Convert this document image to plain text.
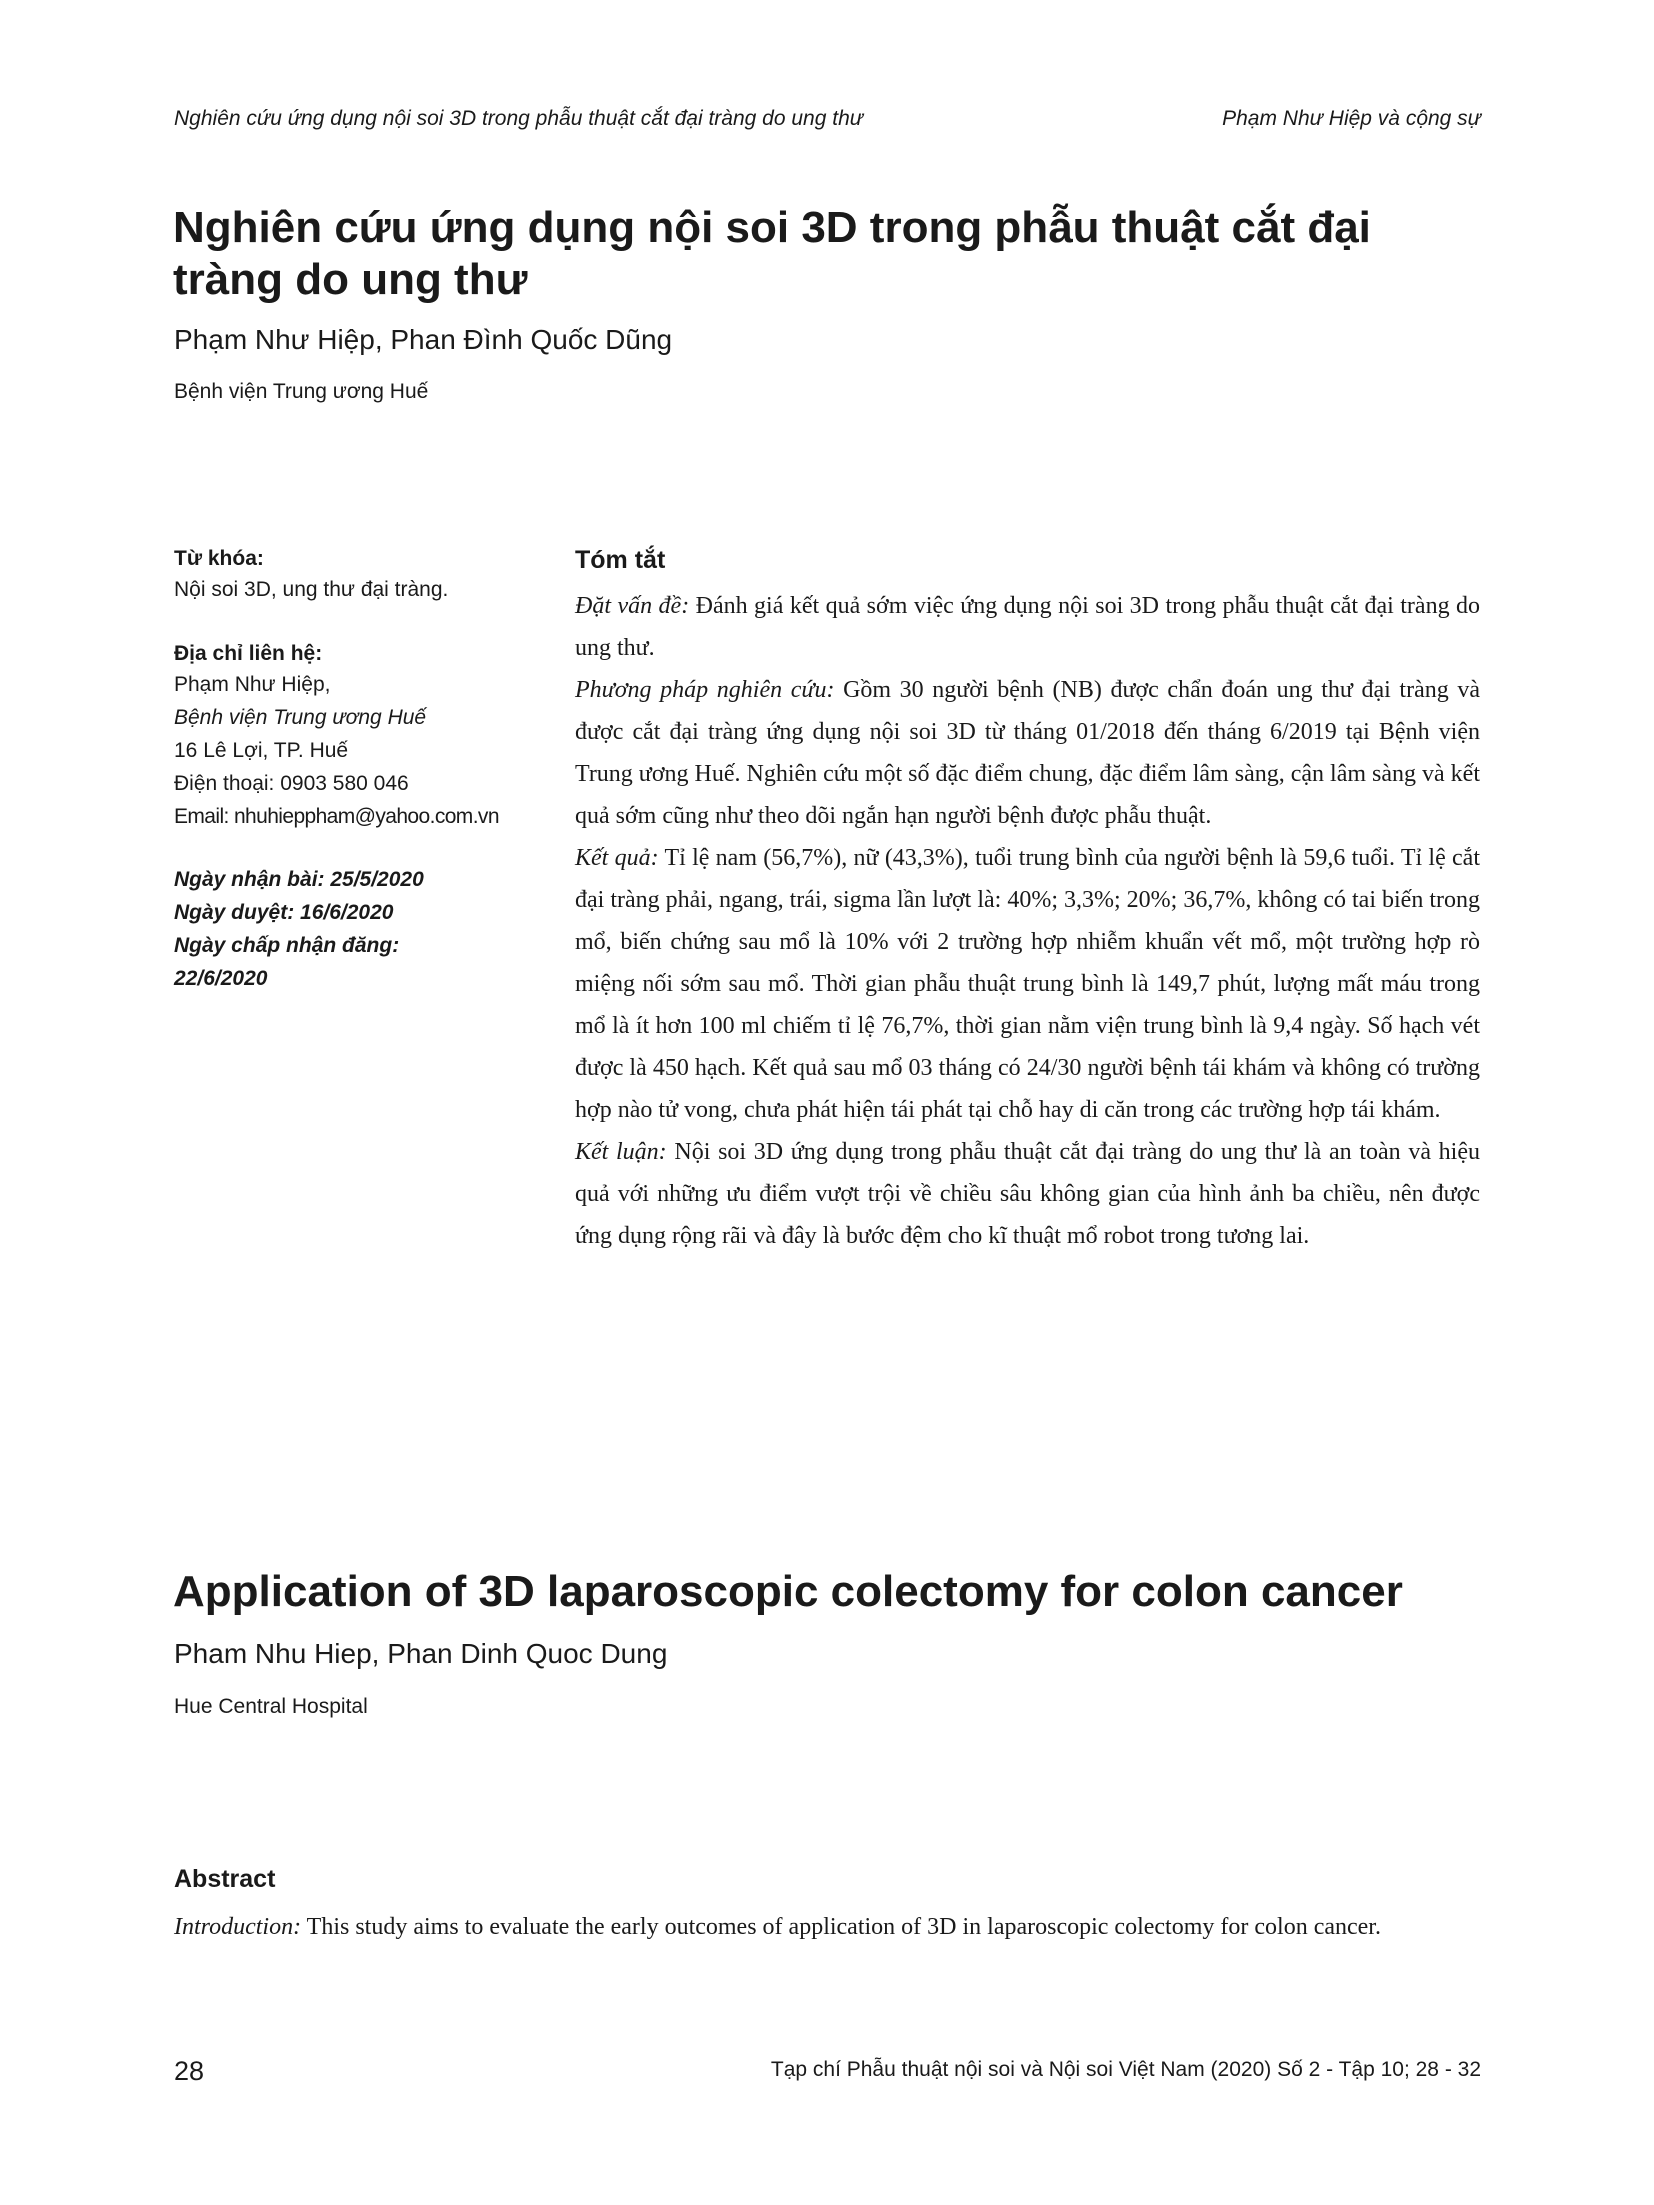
Nghiên cứu ứng dụng nội soi 3D trong phẫu thuật cắt đại tràng do ung thư	Phạm Như Hiệp và cộng sự
Nghiên cứu ứng dụng nội soi 3D trong phẫu thuật cắt đại tràng do ung thư
Phạm Như Hiệp, Phan Đình Quốc Dũng
Bệnh viện Trung ương Huế
Từ khóa:
Nội soi 3D, ung thư đại tràng.
Địa chỉ liên hệ:
Phạm Như Hiệp,
Bệnh viện Trung ương Huế
16 Lê Lợi, TP. Huế
Điện thoại: 0903 580 046
Email: nhuhieppham@yahoo.com.vn
Ngày nhận bài: 25/5/2020
Ngày duyệt: 16/6/2020
Ngày chấp nhận đăng:
22/6/2020
Tóm tắt

Đặt vấn đề: Đánh giá kết quả sớm việc ứng dụng nội soi 3D trong phẫu thuật cắt đại tràng do ung thư.

Phương pháp nghiên cứu: Gồm 30 người bệnh (NB) được chẩn đoán ung thư đại tràng và được cắt đại tràng ứng dụng nội soi 3D từ tháng 01/2018 đến tháng 6/2019 tại Bệnh viện Trung ương Huế. Nghiên cứu một số đặc điểm chung, đặc điểm lâm sàng, cận lâm sàng và kết quả sớm cũng như theo dõi ngắn hạn người bệnh được phẫu thuật.

Kết quả: Tỉ lệ nam (56,7%), nữ (43,3%), tuổi trung bình của người bệnh là 59,6 tuổi. Tỉ lệ cắt đại tràng phải, ngang, trái, sigma lần lượt là: 40%; 3,3%; 20%; 36,7%, không có tai biến trong mổ, biến chứng sau mổ là 10% với 2 trường hợp nhiễm khuẩn vết mổ, một trường hợp rò miệng nối sớm sau mổ. Thời gian phẫu thuật trung bình là 149,7 phút, lượng mất máu trong mổ là ít hơn 100 ml chiếm tỉ lệ 76,7%, thời gian nằm viện trung bình là 9,4 ngày. Số hạch vét được là 450 hạch. Kết quả sau mổ 03 tháng có 24/30 người bệnh tái khám và không có trường hợp nào tử vong, chưa phát hiện tái phát tại chỗ hay di căn trong các trường hợp tái khám.

Kết luận: Nội soi 3D ứng dụng trong phẫu thuật cắt đại tràng do ung thư là an toàn và hiệu quả với những ưu điểm vượt trội về chiều sâu không gian của hình ảnh ba chiều, nên được ứng dụng rộng rãi và đây là bước đệm cho kĩ thuật mổ robot trong tương lai.

Application of 3D laparoscopic colectomy for colon cancer
Pham Nhu Hiep, Phan Dinh Quoc Dung
Hue Central Hospital
Abstract

Introduction: This study aims to evaluate the early outcomes of application of 3D in laparoscopic colectomy for colon cancer.

28	Tạp chí Phẫu thuật nội soi và Nội soi Việt Nam (2020) Số 2 - Tập 10; 28 - 32
